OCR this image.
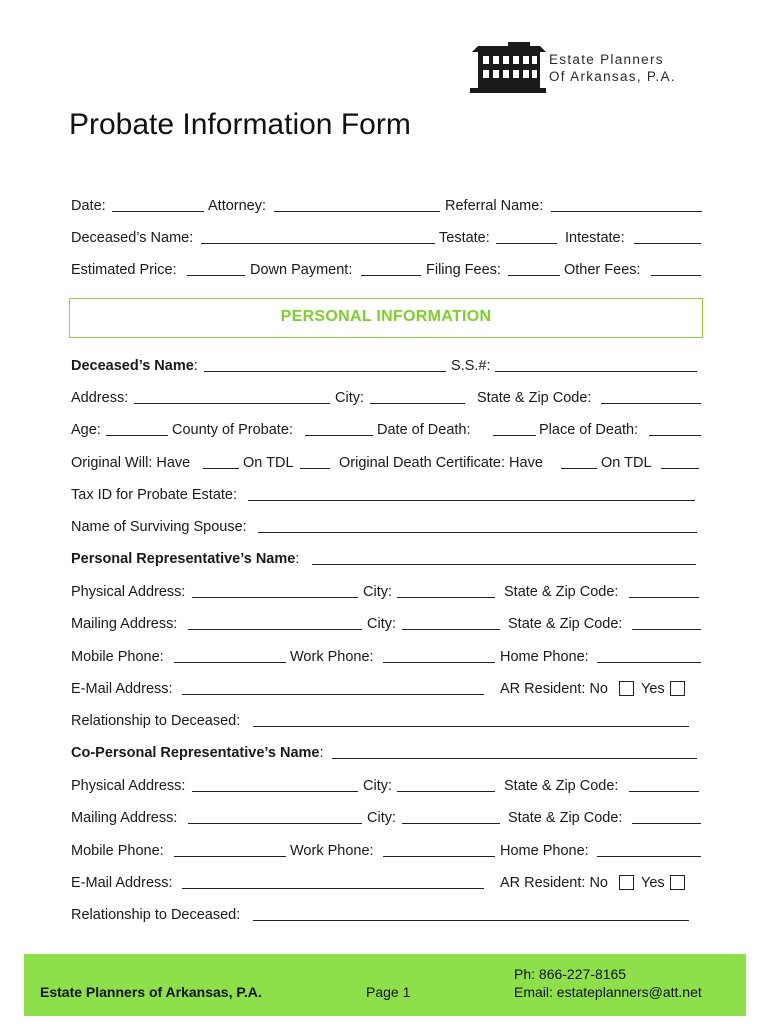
Estate Planners
Of Arkansas, P.A.
Probate Information Form
Date:	Attorney:	Referral Name:
Deceased’s Name:	Testate:	Intestate:
Estimated Price:	Down Payment:	Filing Fees:	Other Fees:
PERSONAL INFORMATION
Deceased’s Name:	S.S.#:
Address:	City:	State & Zip Code:
Age:	County of Probate:	Date of Death:	Place of Death:
Original Will: Have	On TDL	Original Death Certificate: Have	On TDL
Tax ID for Probate Estate:
Name of Surviving Spouse:
Personal Representative’s Name:
Physical Address:	City:	State & Zip Code:
Mailing Address:	City:	State & Zip Code:
Mobile Phone:	Work Phone:	Home Phone:
E-Mail Address:	AR Resident: No Yes
Relationship to Deceased:
Co-Personal Representative’s Name:
Physical Address:	City:	State & Zip Code:
Mailing Address:	City:	State & Zip Code:
Mobile Phone:	Work Phone:	Home Phone:
E-Mail Address:	AR Resident: No Yes
Relationship to Deceased:
Estate Planners of Arkansas, P.A.	Page 1
Ph: 866-227-8165
Email: estateplanners@att.net
